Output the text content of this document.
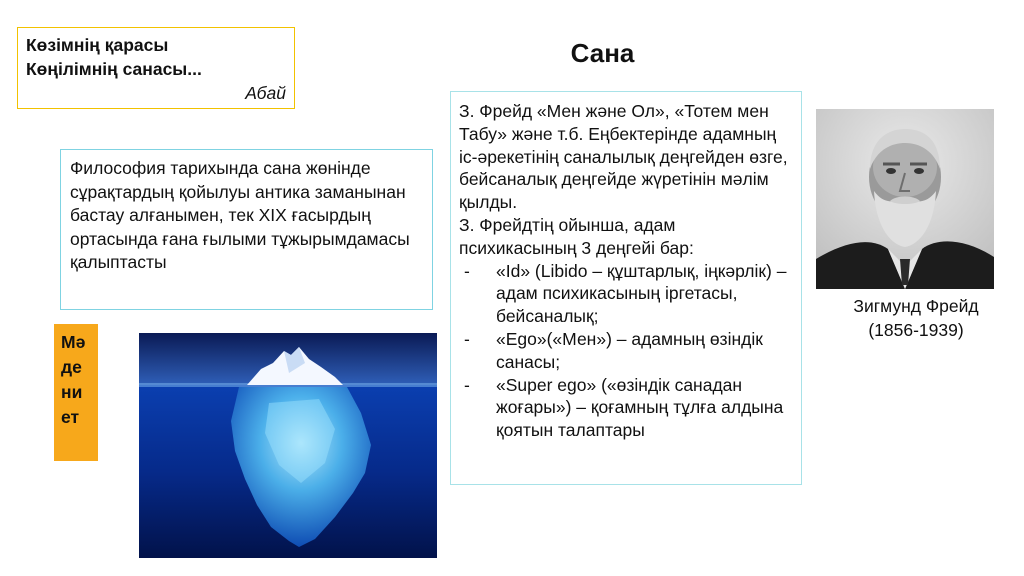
Көзімнің қарасы
Көңілімнің санасы...
Абай
Сана
Философия тарихында сана жөнінде сұрақтардың қойылуы антика заманынан бастау алғанымен, тек XIX ғасырдың ортасында ғана ғылыми тұжырымдамасы қалыптасты

З. Фрейд «Мен және Ол», «Тотем мен Табу» және т.б. Еңбектерінде адамның іс-әрекетінің саналылық деңгейден өзге, бейсаналық деңгейде жүретінін мәлім қылды.

З. Фрейдтің ойынша, адам психикасының 3 деңгейі бар:

- «Id» (Libido – құштарлық, іңкәрлік) – адам психикасының іргетасы, бейсаналық;
- «Ego»(«Мен») – адамның өзіндік санасы;
- «Super ego» («өзіндік санадан жоғары») – қоғамның тұлға алдына қоятын талаптары
Мәдениет
Зигмунд Фрейд
(1856-1939)
